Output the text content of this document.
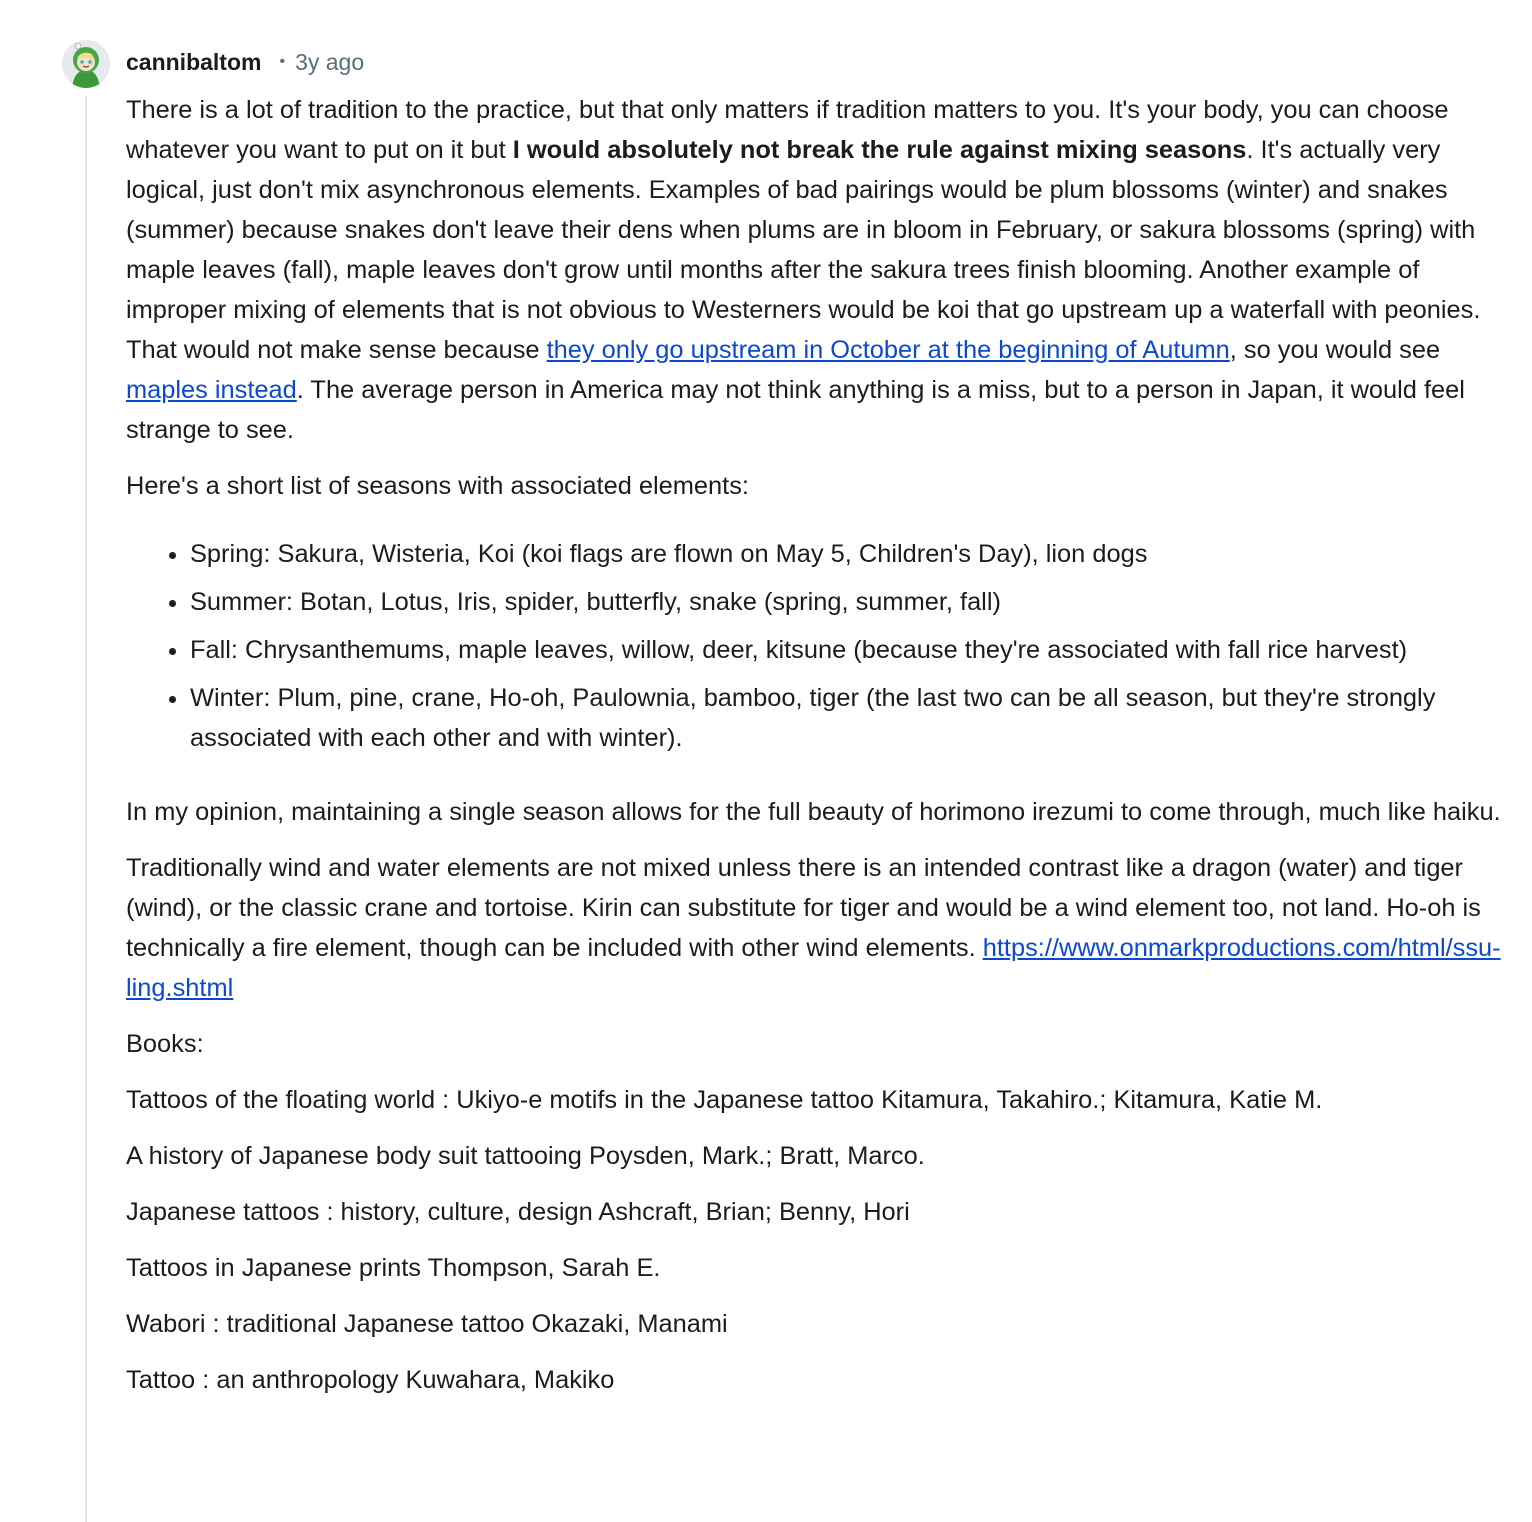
cannibaltom • 3y ago

There is a lot of tradition to the practice, but that only matters if tradition matters to you. It's your body, you can choose whatever you want to put on it but I would absolutely not break the rule against mixing seasons. It's actually very logical, just don't mix asynchronous elements. Examples of bad pairings would be plum blossoms (winter) and snakes (summer) because snakes don't leave their dens when plums are in bloom in February, or sakura blossoms (spring) with maple leaves (fall), maple leaves don't grow until months after the sakura trees finish blooming. Another example of improper mixing of elements that is not obvious to Westerners would be koi that go upstream up a waterfall with peonies. That would not make sense because they only go upstream in October at the beginning of Autumn, so you would see maples instead. The average person in America may not think anything is a miss, but to a person in Japan, it would feel strange to see.

Here's a short list of seasons with associated elements:

• Spring: Sakura, Wisteria, Koi (koi flags are flown on May 5, Children's Day), lion dogs
• Summer: Botan, Lotus, Iris, spider, butterfly, snake (spring, summer, fall)
• Fall: Chrysanthemums, maple leaves, willow, deer, kitsune (because they're associated with fall rice harvest)
• Winter: Plum, pine, crane, Ho-oh, Paulownia, bamboo, tiger (the last two can be all season, but they're strongly associated with each other and with winter).

In my opinion, maintaining a single season allows for the full beauty of horimono irezumi to come through, much like haiku.

Traditionally wind and water elements are not mixed unless there is an intended contrast like a dragon (water) and tiger (wind), or the classic crane and tortoise. Kirin can substitute for tiger and would be a wind element too, not land. Ho-oh is technically a fire element, though can be included with other wind elements. https://www.onmarkproductions.com/html/ssu-ling.shtml

Books:

Tattoos of the floating world : Ukiyo-e motifs in the Japanese tattoo Kitamura, Takahiro.; Kitamura, Katie M.

A history of Japanese body suit tattooing Poysden, Mark.; Bratt, Marco.

Japanese tattoos : history, culture, design Ashcraft, Brian; Benny, Hori

Tattoos in Japanese prints Thompson, Sarah E.

Wabori : traditional Japanese tattoo Okazaki, Manami

Tattoo : an anthropology Kuwahara, Makiko
